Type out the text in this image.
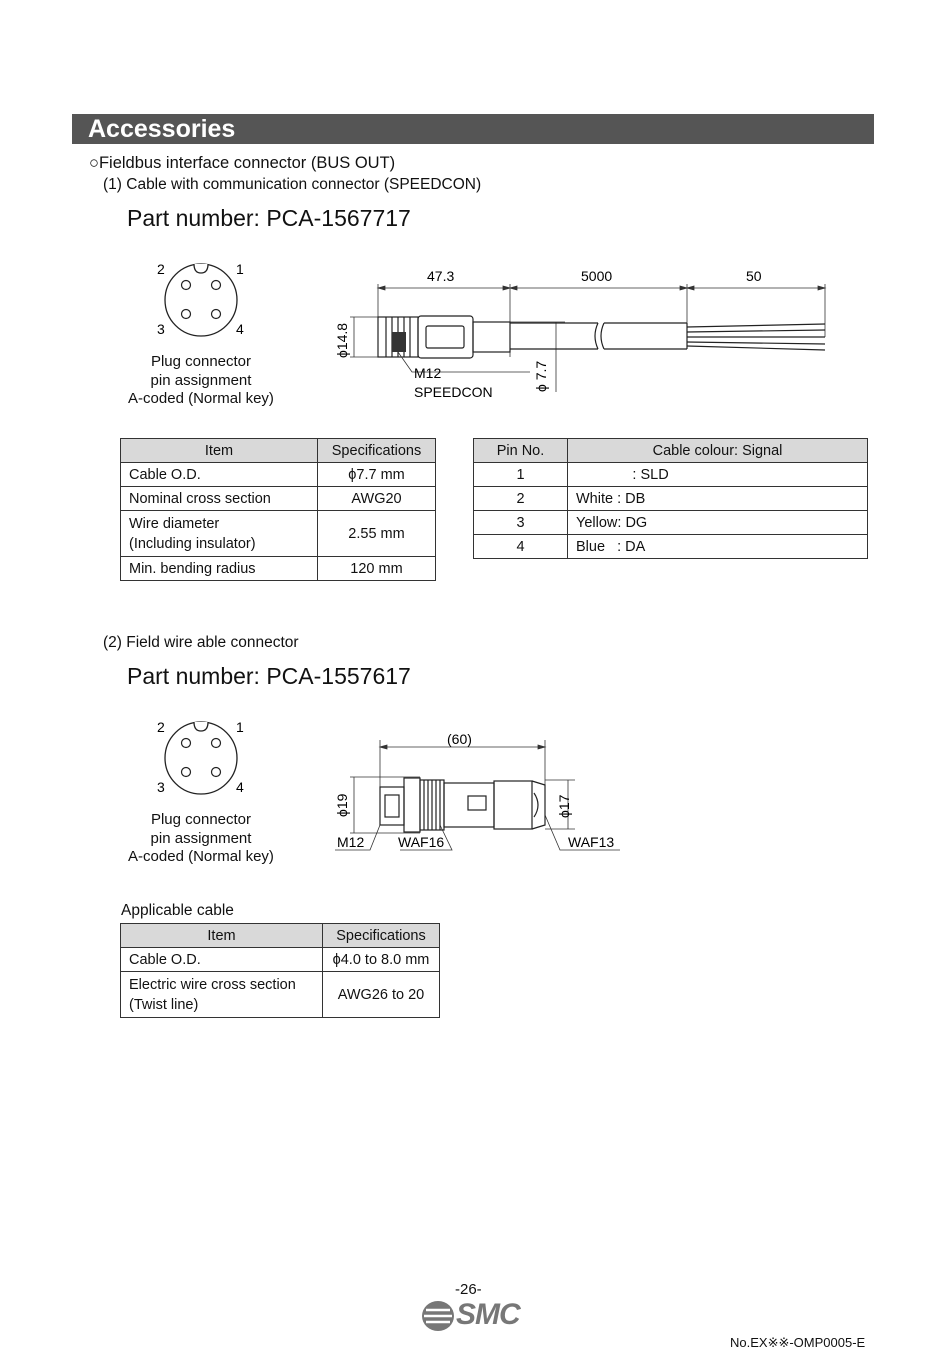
Accessories
○Fieldbus interface connector (BUS OUT)
(1) Cable with communication connector (SPEEDCON)
Part number: PCA-1567717
2	1
3	4
Plug connector
pin assignment
A-coded (Normal key)
47.3	5000	50
M12
SPEEDCON
ϕ14.8
ϕ 7.7
Item	Specifications
Cable O.D.	ϕ7.7 mm
Nominal cross section	AWG20

Wire diameter
(Including insulator)	2.55 mm
Min. bending radius	120 mm
Pin No.	Cable colour: Signal
1	: SLD
2	White : DB
3	Yellow: DG
4	Blue   : DA
(2) Field wire able connector
Part number: PCA-1557617
2	1
3	4
Plug connector
pin assignment
A-coded (Normal key)
(60)
M12 WAF16	WAF13
ϕ19	ϕ17
Applicable cable
Item	Specifications
Cable O.D.	ϕ4.0 to 8.0 mm

Electric wire cross section
(Twist line)	AWG26 to 20
-26-
SMC
No.EX※※-OMP0005-E
